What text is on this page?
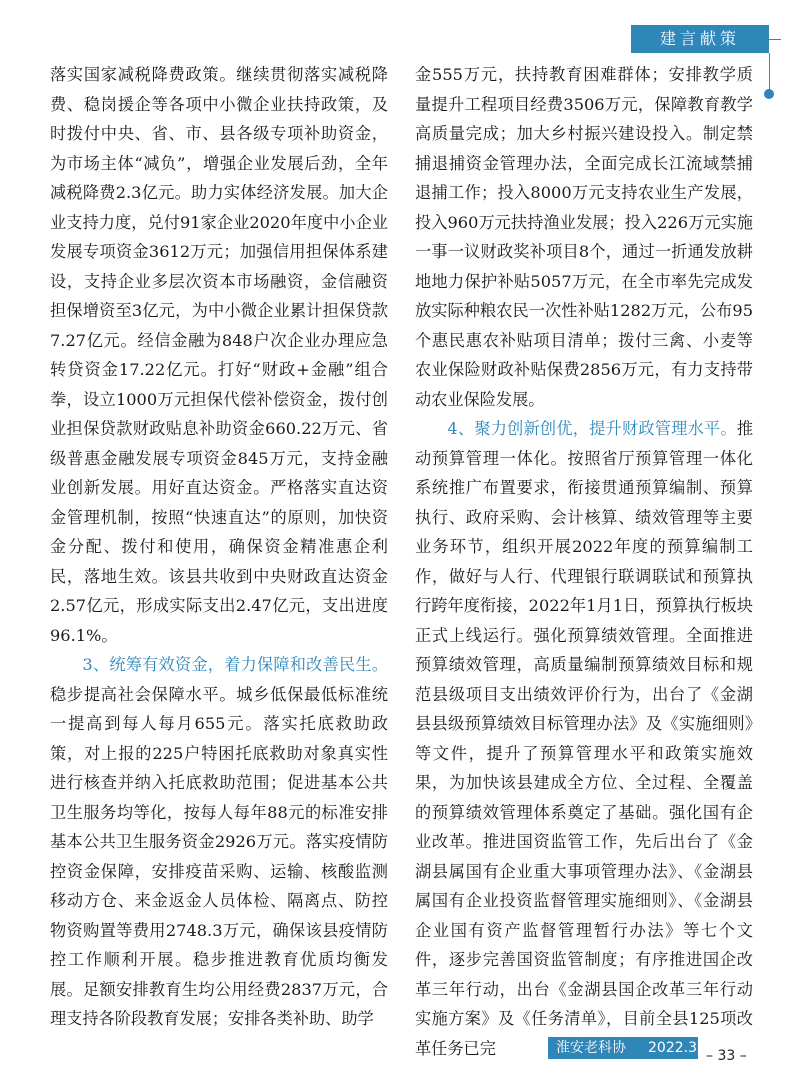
建言献策

落实国家减税降费政策。继续贯彻落实减税降费、稳岗援企等各项中小微企业扶持政策，及时拨付中央、省、市、县各级专项补助资金，为市场主体“减负”，增强企业发展后劲，全年减税降费2.3亿元。助力实体经济发展。加大企业支持力度，兑付91家企业2020年度中小企业发展专项资金3612万元；加强信用担保体系建设，支持企业多层次资本市场融资，金信融资担保增资至3亿元，为中小微企业累计担保贷款7.27亿元。经信金融为848户次企业办理应急转贷资金17.22亿元。打好“财政+金融”组合拳，设立1000万元担保代偿补偿资金，拨付创业担保贷款财政贴息补助资金660.22万元、省级普惠金融发展专项资金845万元，支持金融业创新发展。用好直达资金。严格落实直达资金管理机制，按照“快速直达”的原则，加快资金分配、拨付和使用，确保资金精准惠企利民，落地生效。该县共收到中央财政直达资金2.57亿元，形成实际支出2.47亿元，支出进度96.1%。

3、统筹有效资金，着力保障和改善民生。稳步提高社会保障水平。城乡低保最低标准统一提高到每人每月655元。落实托底救助政策，对上报的225户特困托底救助对象真实性进行核查并纳入托底救助范围；促进基本公共卫生服务均等化，按每人每年88元的标准安排基本公共卫生服务资金2926万元。落实疫情防控资金保障，安排疫苗采购、运输、核酸监测移动方仓、来金返金人员体检、隔离点、防控物资购置等费用2748.3万元，确保该县疫情防控工作顺利开展。稳步推进教育优质均衡发展。足额安排教育生均公用经费2837万元，合理支持各阶段教育发展；安排各类补助、助学

金555万元，扶持教育困难群体；安排教学质量提升工程项目经费3506万元，保障教育教学高质量完成；加大乡村振兴建设投入。制定禁捕退捕资金管理办法，全面完成长江流域禁捕退捕工作；投入8000万元支持农业生产发展，投入960万元扶持渔业发展；投入226万元实施一事一议财政奖补项目8个，通过一折通发放耕地地力保护补贴5057万元，在全市率先完成发放实际种粮农民一次性补贴1282万元，公布95个惠民惠农补贴项目清单；拨付三禽、小麦等农业保险财政补贴保费2856万元，有力支持带动农业保险发展。

4、聚力创新创优，提升财政管理水平。推动预算管理一体化。按照省厅预算管理一体化系统推广布置要求，衔接贯通预算编制、预算执行、政府采购、会计核算、绩效管理等主要业务环节，组织开展2022年度的预算编制工作，做好与人行、代理银行联调联试和预算执行跨年度衔接，2022年1月1日，预算执行板块正式上线运行。强化预算绩效管理。全面推进预算绩效管理，高质量编制预算绩效目标和规范县级项目支出绩效评价行为，出台了《金湖县县级预算绩效目标管理办法》及《实施细则》等文件，提升了预算管理水平和政策实施效果，为加快该县建成全方位、全过程、全覆盖的预算绩效管理体系奠定了基础。强化国有企业改革。推进国资监管工作，先后出台了《金湖县属国有企业重大事项管理办法》、《金湖县属国有企业投资监督管理实施细则》、《金湖县企业国有资产监督管理暂行办法》等七个文件，逐步完善国资监管制度；有序推进国企改革三年行动，出台《金湖县国企改革三年行动实施方案》及《任务清单》，目前全县125项改革任务已完	淮安老科协 2022.3 – 33 –
